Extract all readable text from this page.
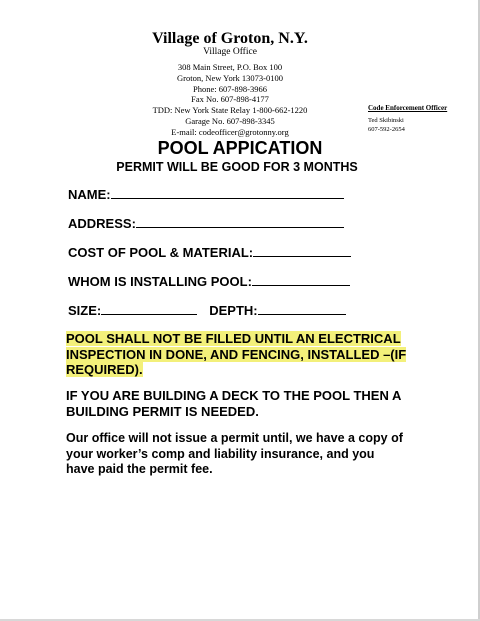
Village of Groton, N.Y.
Village Office
308 Main Street, P.O. Box 100
Groton, New York 13073-0100
Phone: 607-898-3966
Fax No. 607-898-4177
TDD: New York State Relay 1-800-662-1220
Garage No. 607-898-3345
E-mail: codeofficer@grotonny.org
Code Enforcement Officer
Ted Skibinski
607-592-2654
POOL APPICATION
PERMIT WILL BE GOOD FOR 3 MONTHS
NAME:
ADDRESS:
COST OF POOL & MATERIAL:
WHOM IS INSTALLING POOL:
SIZE:	DEPTH:
POOL SHALL NOT BE FILLED UNTIL AN ELECTRICAL
INSPECTION IN DONE, AND FENCING, INSTALLED –(IF
REQUIRED).
IF YOU ARE BUILDING A DECK TO THE POOL THEN A
BUILDING PERMIT IS NEEDED.
Our office will not issue a permit until, we have a copy of
your worker’s comp and liability insurance, and you
have paid the permit fee.
